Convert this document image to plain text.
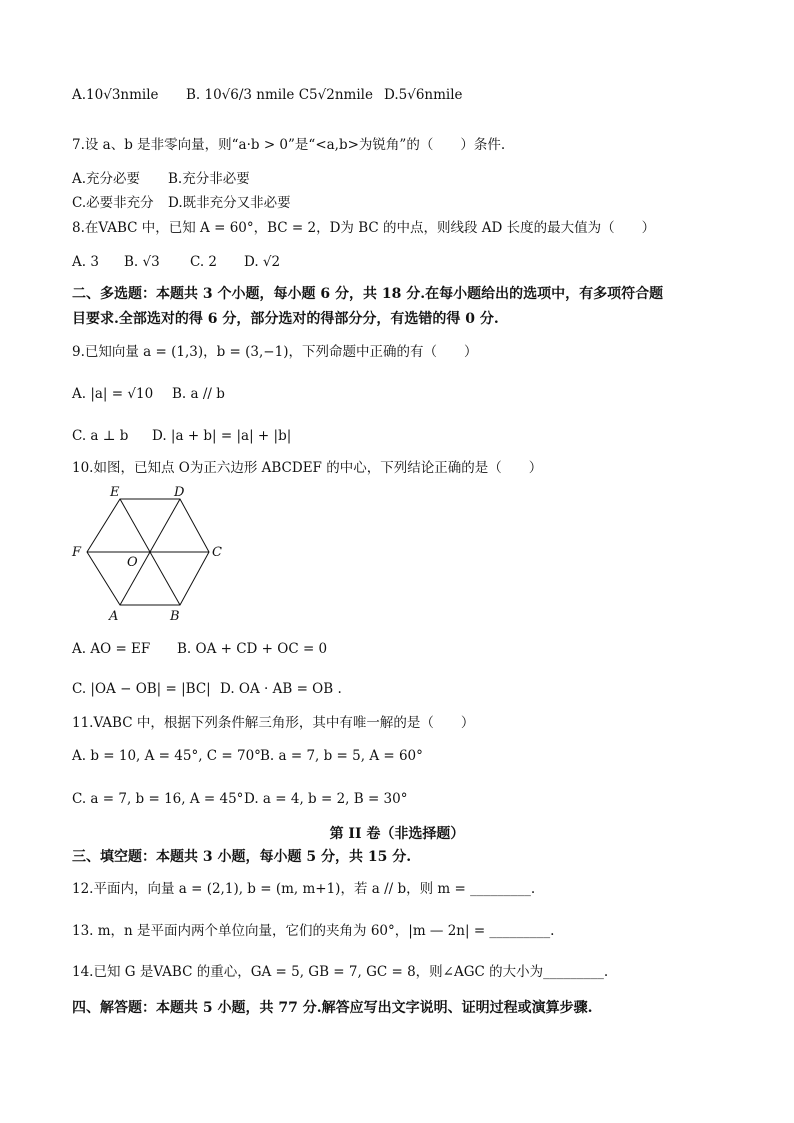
A.10√3nmile B. 10√6/3 nmile C5√2nmile D.5√6nmile
7.设 a、b 是非零向量，则“a·b > 0”是“<a,b>为锐角”的（　　）条件.
A.充分必要 B.充分非必要
C.必要非充分 D.既非充分又非必要
8.在VABC 中，已知 A = 60°，BC = 2，D为 BC 的中点，则线段 AD 长度的最大值为（　　）
A. 3 B. √3 C. 2 D. √2
二、多选题：本题共 3 个小题，每小题 6 分，共 18 分.在每小题给出的选项中，有多项符合题
目要求.全部选对的得 6 分，部分选对的得部分分，有选错的得 0 分.
9.已知向量 a = (1,3)，b = (3,−1)，下列命题中正确的有（　　）
A. |a| = √10 B. a // b
C. a ⊥ b D. |a + b| = |a| + |b|
10.如图，已知点 O为正六边形 ABCDEF 的中心，下列结论正确的是（　　）
E	D
F	C
O
A	B
A. AO = EF B. OA + CD + OC = 0
C. |OA − OB| = |BC| D. OA · AB = OB .
11.VABC 中，根据下列条件解三角形，其中有唯一解的是（　　）
A. b = 10, A = 45°, C = 70° B. a = 7, b = 5, A = 60°
C. a = 7, b = 16, A = 45° D. a = 4, b = 2, B = 30°
第 II 卷（非选择题）
三、填空题：本题共 3 小题，每小题 5 分，共 15 分.
12.平面内，向量 a = (2,1), b = (m, m+1)，若 a // b，则 m = _________.
13. m，n 是平面内两个单位向量，它们的夹角为 60°，|m — 2n| = _________.
14.已知 G 是VABC 的重心，GA = 5, GB = 7, GC = 8，则∠AGC 的大小为_________.
四、解答题：本题共 5 小题，共 77 分.解答应写出文字说明、证明过程或演算步骤.
